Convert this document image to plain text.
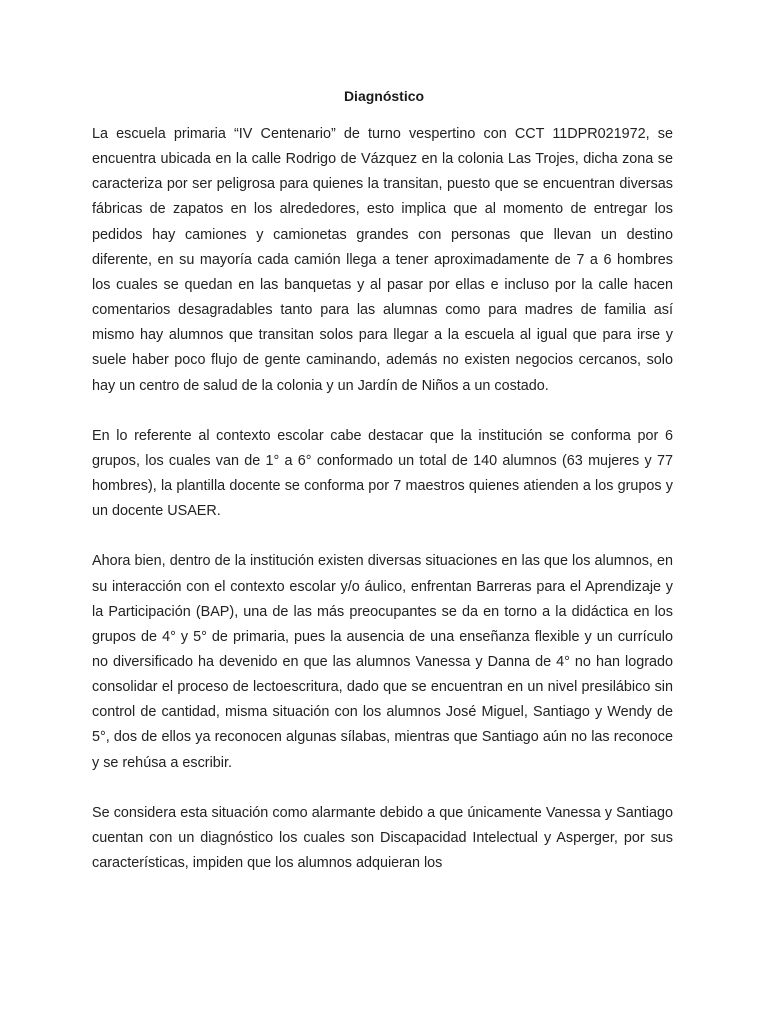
Diagnóstico

La escuela primaria “IV Centenario” de turno vespertino con CCT 11DPR021972, se encuentra ubicada en la calle Rodrigo de Vázquez en la colonia Las Trojes, dicha zona se caracteriza por ser peligrosa para quienes la transitan, puesto que se encuentran diversas fábricas de zapatos en los alrededores, esto implica que al momento de entregar los pedidos hay camiones y camionetas grandes con personas que llevan un destino diferente, en su mayoría cada camión llega a tener aproximadamente de 7 a 6 hombres los cuales se quedan en las banquetas y al pasar por ellas e incluso por la calle hacen comentarios desagradables tanto para las alumnas como para madres de familia así mismo hay alumnos que transitan solos para llegar a la escuela al igual que para irse y suele haber poco flujo de gente caminando, además no existen negocios cercanos, solo hay un centro de salud de la colonia y un Jardín de Niños a un costado.

En lo referente al contexto escolar cabe destacar que la institución se conforma por 6 grupos, los cuales van de 1° a 6° conformado un total de 140 alumnos (63 mujeres y 77 hombres), la plantilla docente se conforma por 7 maestros quienes atienden a los grupos y un docente USAER.

Ahora bien, dentro de la institución existen diversas situaciones en las que los alumnos, en su interacción con el contexto escolar y/o áulico, enfrentan Barreras para el Aprendizaje y la Participación (BAP), una de las más preocupantes se da en torno a la didáctica en los grupos de 4° y 5° de primaria, pues la ausencia de una enseñanza flexible y un currículo no diversificado ha devenido en que las alumnos Vanessa y Danna de 4° no han logrado consolidar el proceso de lectoescritura, dado que se encuentran en un nivel presilábico sin control de cantidad, misma situación con los alumnos José Miguel, Santiago y Wendy de 5°, dos de ellos ya reconocen algunas sílabas, mientras que Santiago aún no las reconoce y se rehúsa a escribir.

Se considera esta situación como alarmante debido a que únicamente Vanessa y Santiago cuentan con un diagnóstico los cuales son Discapacidad Intelectual y Asperger, por sus características, impiden que los alumnos adquieran los
